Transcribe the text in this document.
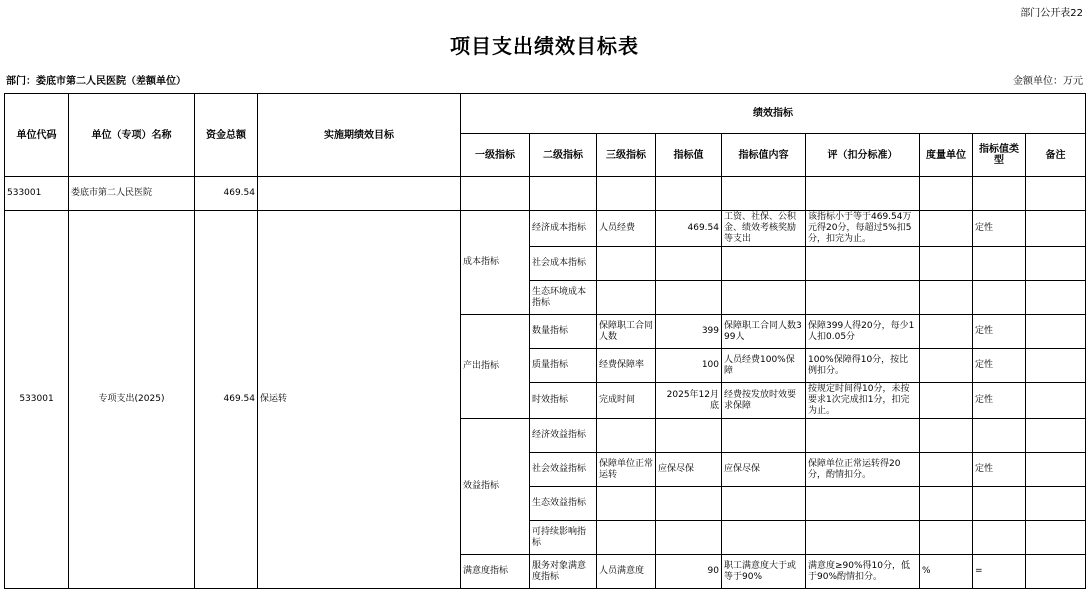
部门公开表22
项目支出绩效目标表
部门：娄底市第二人民医院（差额单位）	金额单位：万元
单位代码	单位（专项）名称	资金总额	实施期绩效目标	绩效指标								
				一级指标	二级指标	三级指标	指标值	指标值内容	评（扣分标准）	度量单位	指标值类型	备注
533001	娄底市第二人民医院	469.54										
533001	专项支出(2025)	469.54	保运转	成本指标	经济成本指标	人员经费	469.54	工资、社保、公积金、绩效考核奖励等支出	该指标小于等于469.54万元得20分，每超过5%扣5分，扣完为止。		定性	
					社会成本指标							
					生态环境成本指标							
				产出指标	数量指标	保障职工合同人数	399	保障职工合同人数399人	保障399人得20分，每少1人扣0.05分		定性	
					质量指标	经费保障率	100	人员经费100%保障	100%保障得10分，按比例扣分。		定性	
					时效指标	完成时间	2025年12月底	经费按发放时效要求保障	按规定时间得10分，未按要求1次完成扣1分，扣完为止。		定性	
				效益指标	经济效益指标							
					社会效益指标	保障单位正常运转	应保尽保	应保尽保	保障单位正常运转得20分，酌情扣分。		定性	
					生态效益指标							
					可持续影响指标							
				满意度指标	服务对象满意度指标	人员满意度	90	职工满意度大于或等于90%	满意度≥90%得10分，低于90%酌情扣分。	%	=	
